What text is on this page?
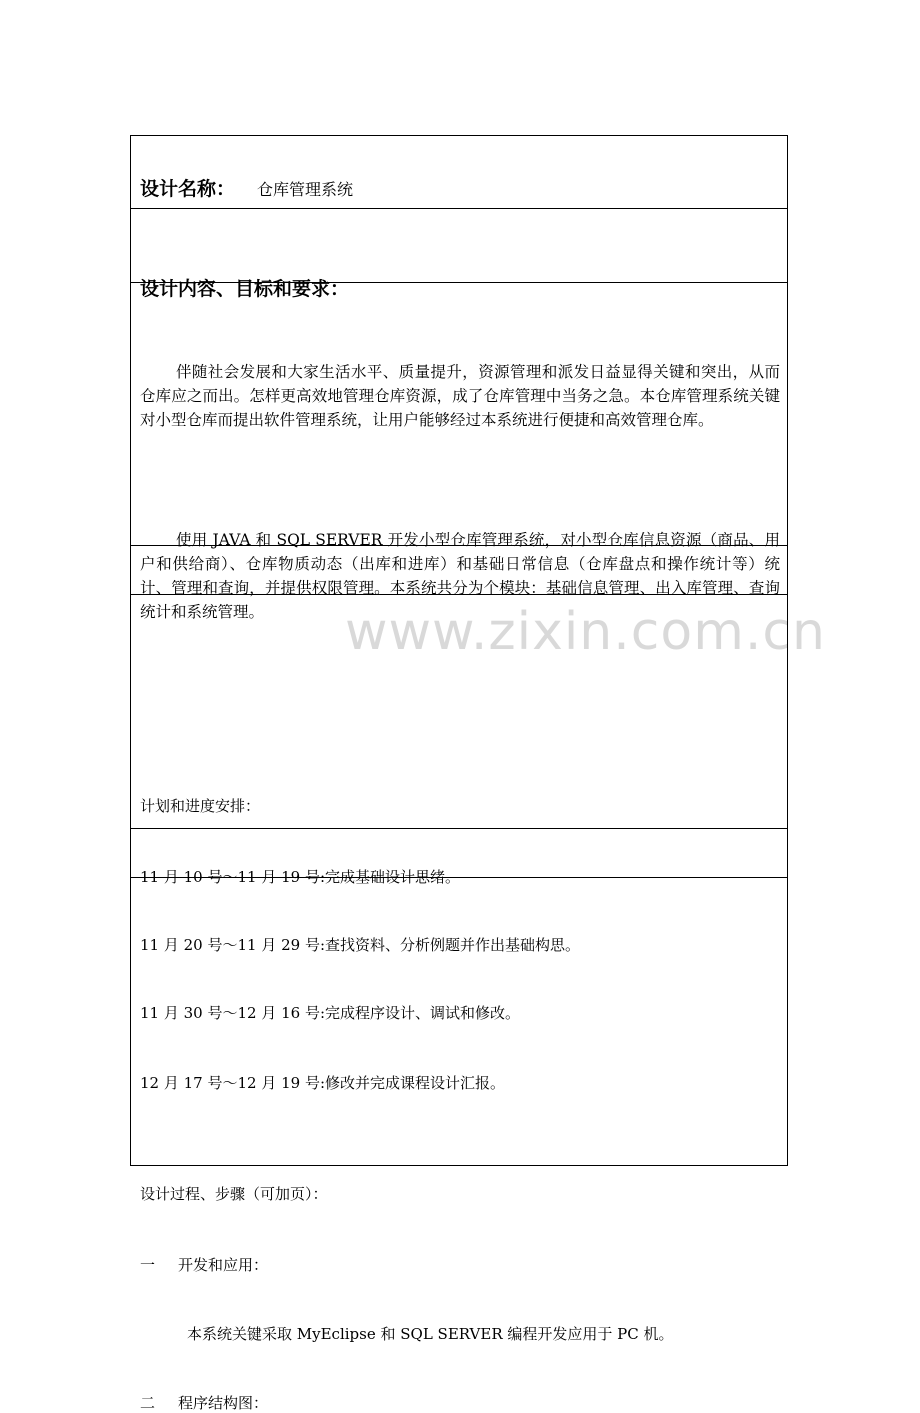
www.zixin.com.cn
设计名称： 仓库管理系统
设计内容、目标和要求：

伴随社会发展和大家生活水平、质量提升，资源管理和派发日益显得关键和突出，从而仓库应之而出。怎样更高效地管理仓库资源，成了仓库管理中当务之急。本仓库管理系统关键对小型仓库而提出软件管理系统，让用户能够经过本系统进行便捷和高效管理仓库。

使用 JAVA 和 SQL SERVER 开发小型仓库管理系统，对小型仓库信息资源（商品、用户和供给商）、仓库物质动态（出库和进库）和基础日常信息（仓库盘点和操作统计等）统计、管理和查询，并提供权限管理。本系统共分为个模块：基础信息管理、出入库管理、查询统计和系统管理。

计划和进度安排：
11 月 10 号～11 月 19 号:完成基础设计思绪。
11 月 20 号～11 月 29 号:查找资料、分析例题并作出基础构思。
11 月 30 号～12 月 16 号:完成程序设计、调试和修改。
12 月 17 号～12 月 19 号:修改并完成课程设计汇报。
设计过程、步骤（可加页）：
一 开发和应用：
本系统关键采取 MyEclipse 和 SQL SERVER 编程开发应用于 PC 机。
二 程序结构图：
